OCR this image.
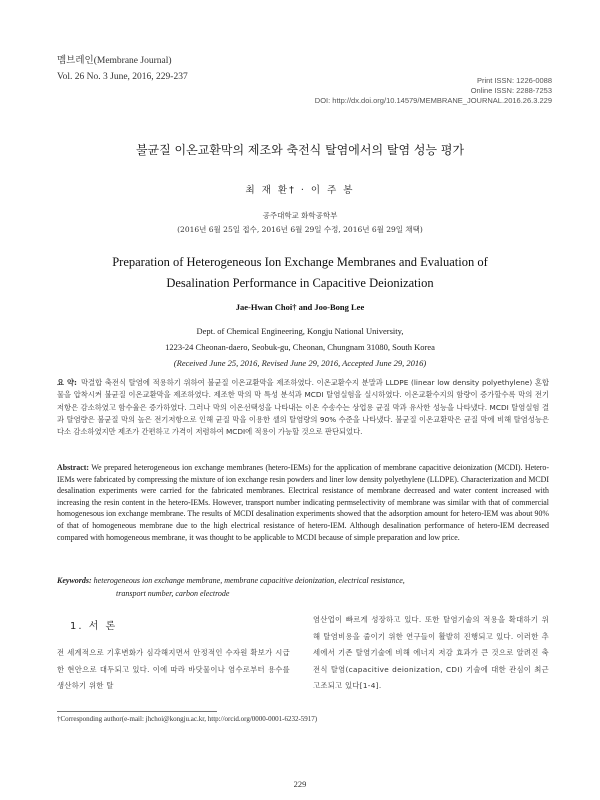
멤브레인(Membrane Journal)
Vol. 26 No. 3 June, 2016, 229-237	Print ISSN: 1226-0088
Online ISSN: 2288-7253
DOI: http://dx.doi.org/10.14579/MEMBRANE_JOURNAL.2016.26.3.229
불균질 이온교환막의 제조와 축전식 탈염에서의 탈염 성능 평가
최 재 환† · 이 주 봉
공주대학교 화학공학부
(2016년 6월 25일 접수, 2016년 6월 29일 수정, 2016년 6월 29일 채택)
Preparation of Heterogeneous Ion Exchange Membranes and Evaluation of
Desalination Performance in Capacitive Deionization
Jae-Hwan Choi† and Joo-Bong Lee
Dept. of Chemical Engineering, Kongju National University,
1223-24 Cheonan-daero, Seobuk-gu, Cheonan, Chungnam 31080, South Korea
(Received June 25, 2016, Revised June 29, 2016, Accepted June 29, 2016)
요 약: 막결합 축전식 탈염에 적용하기 위하여 불균질 이온교환막을 제조하였다. 이온교환수지 분말과 LLDPE (linear low density polyethylene) 혼합물을 압착시켜 불균질 이온교환막을 제조하였다. 제조한 막의 막 특성 분석과 MCDI 탈염실험을 실시하였다. 이온교환수지의 함량이 증가할수록 막의 전기저항은 감소하였고 함수율은 증가하였다. 그러나 막의 이온선택성을 나타내는 이온 수송수는 상업용 균질 막과 유사한 성능을 나타냈다. MCDI 탈염실험 결과 탈염량은 불균질 막의 높은 전기저항으로 인해 균질 막을 이용한 셀의 탈염량의 90% 수준을 나타냈다. 불균질 이온교환막은 균질 막에 비해 탈염성능은 다소 감소하였지만 제조가 간편하고 가격이 저렴하여 MCDI에 적용이 가능할 것으로 판단되었다.
Abstract: We prepared heterogeneous ion exchange membranes (hetero-IEMs) for the application of membrane capacitive deionization (MCDI). Hetero-IEMs were fabricated by compressing the mixture of ion exchange resin powders and liner low density polyethylene (LLDPE). Characterization and MCDI desalination experiments were carried for the fabricated membranes. Electrical resistance of membrane decreased and water content increased with increasing the resin content in the hetero-IEMs. However, transport number indicating permselectivity of membrane was similar with that of commercial homogenesous ion exchange membrane. The results of MCDI desalination experiments showed that the adsorption amount for hetero-IEM was about 90% of that of homogeneous membrane due to the high electrical resistance of hetero-IEM. Although desalination performance of hetero-IEM decreased compared with homogeneous membrane, it was thought to be applicable to MCDI because of simple preparation and low price.
Keywords: heterogeneous ion exchange membrane, membrane capacitive deionization, electrical resistance,
transport number, carbon electrode
1. 서 론
전 세계적으로 기후변화가 심각해지면서 안정적인 수자원 확보가 시급한 현안으로 대두되고 있다. 이에 따라 바닷물이나 염수로부터 용수를 생산하기 위한 탈
염산업이 빠르게 성장하고 있다. 또한 탈염기술의 적용을 확대하기 위해 탈염비용을 줄이기 위한 연구들이 활발히 진행되고 있다. 이러한 추세에서 기존 탈염기술에 비해 에너지 저감 효과가 큰 것으로 알려진 축전식 탈염(capacitive deionization, CDI) 기술에 대한 관심이 최근 고조되고 있다[1-4].
†Corresponding author(e-mail: jhchoi@kongju.ac.kr, http://orcid.org/0000-0001-6232-5917)
229
